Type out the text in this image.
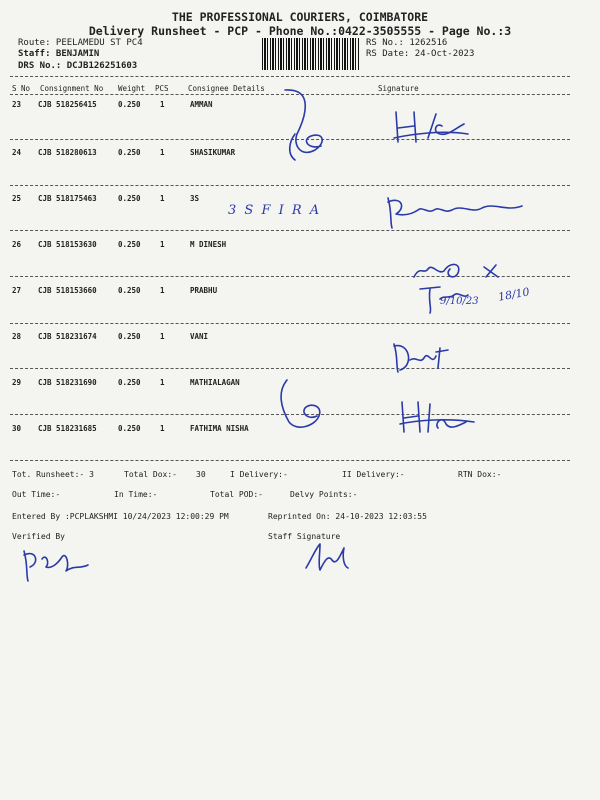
THE PROFESSIONAL COURIERS, COIMBATORE
Delivery Runsheet - PCP - Phone No.:0422-3505555 - Page No.:3
Route: PEELAMEDU ST PC4
Staff: BENJAMIN
DRS No.: DCJB126251603
RS No.: 1262516
RS Date: 24-Oct-2023
S No Consignment No Weight PCS	Consignee Details	Signature
23 CJB 518256415	0.250	1	AMMAN
24 CJB 518280613	0.250	1	SHASIKUMAR
25 CJB 518175463	0.250	1	3S
26 CJB 518153630	0.250	1	M DINESH
27 CJB 518153660	0.250	1	PRABHU
28 CJB 518231674	0.250	1	VANI
29 CJB 518231690	0.250	1	MATHIALAGAN
30 CJB 518231685	0.250	1	FATHIMA NISHA
Tot. Runsheet:- 3	Total Dox:- 30	I Delivery:-	II Delivery:-	RTN Dox:-
Out Time:-	In Time:-	Total POD:-	Delvy Points:-
Entered By :PCPLAKSHMI 10/24/2023 12:00:29 PM	Reprinted On: 24-10-2023 12:03:55
Verified By	Staff Signature
3 S F I R A
9/10/23 18/10
